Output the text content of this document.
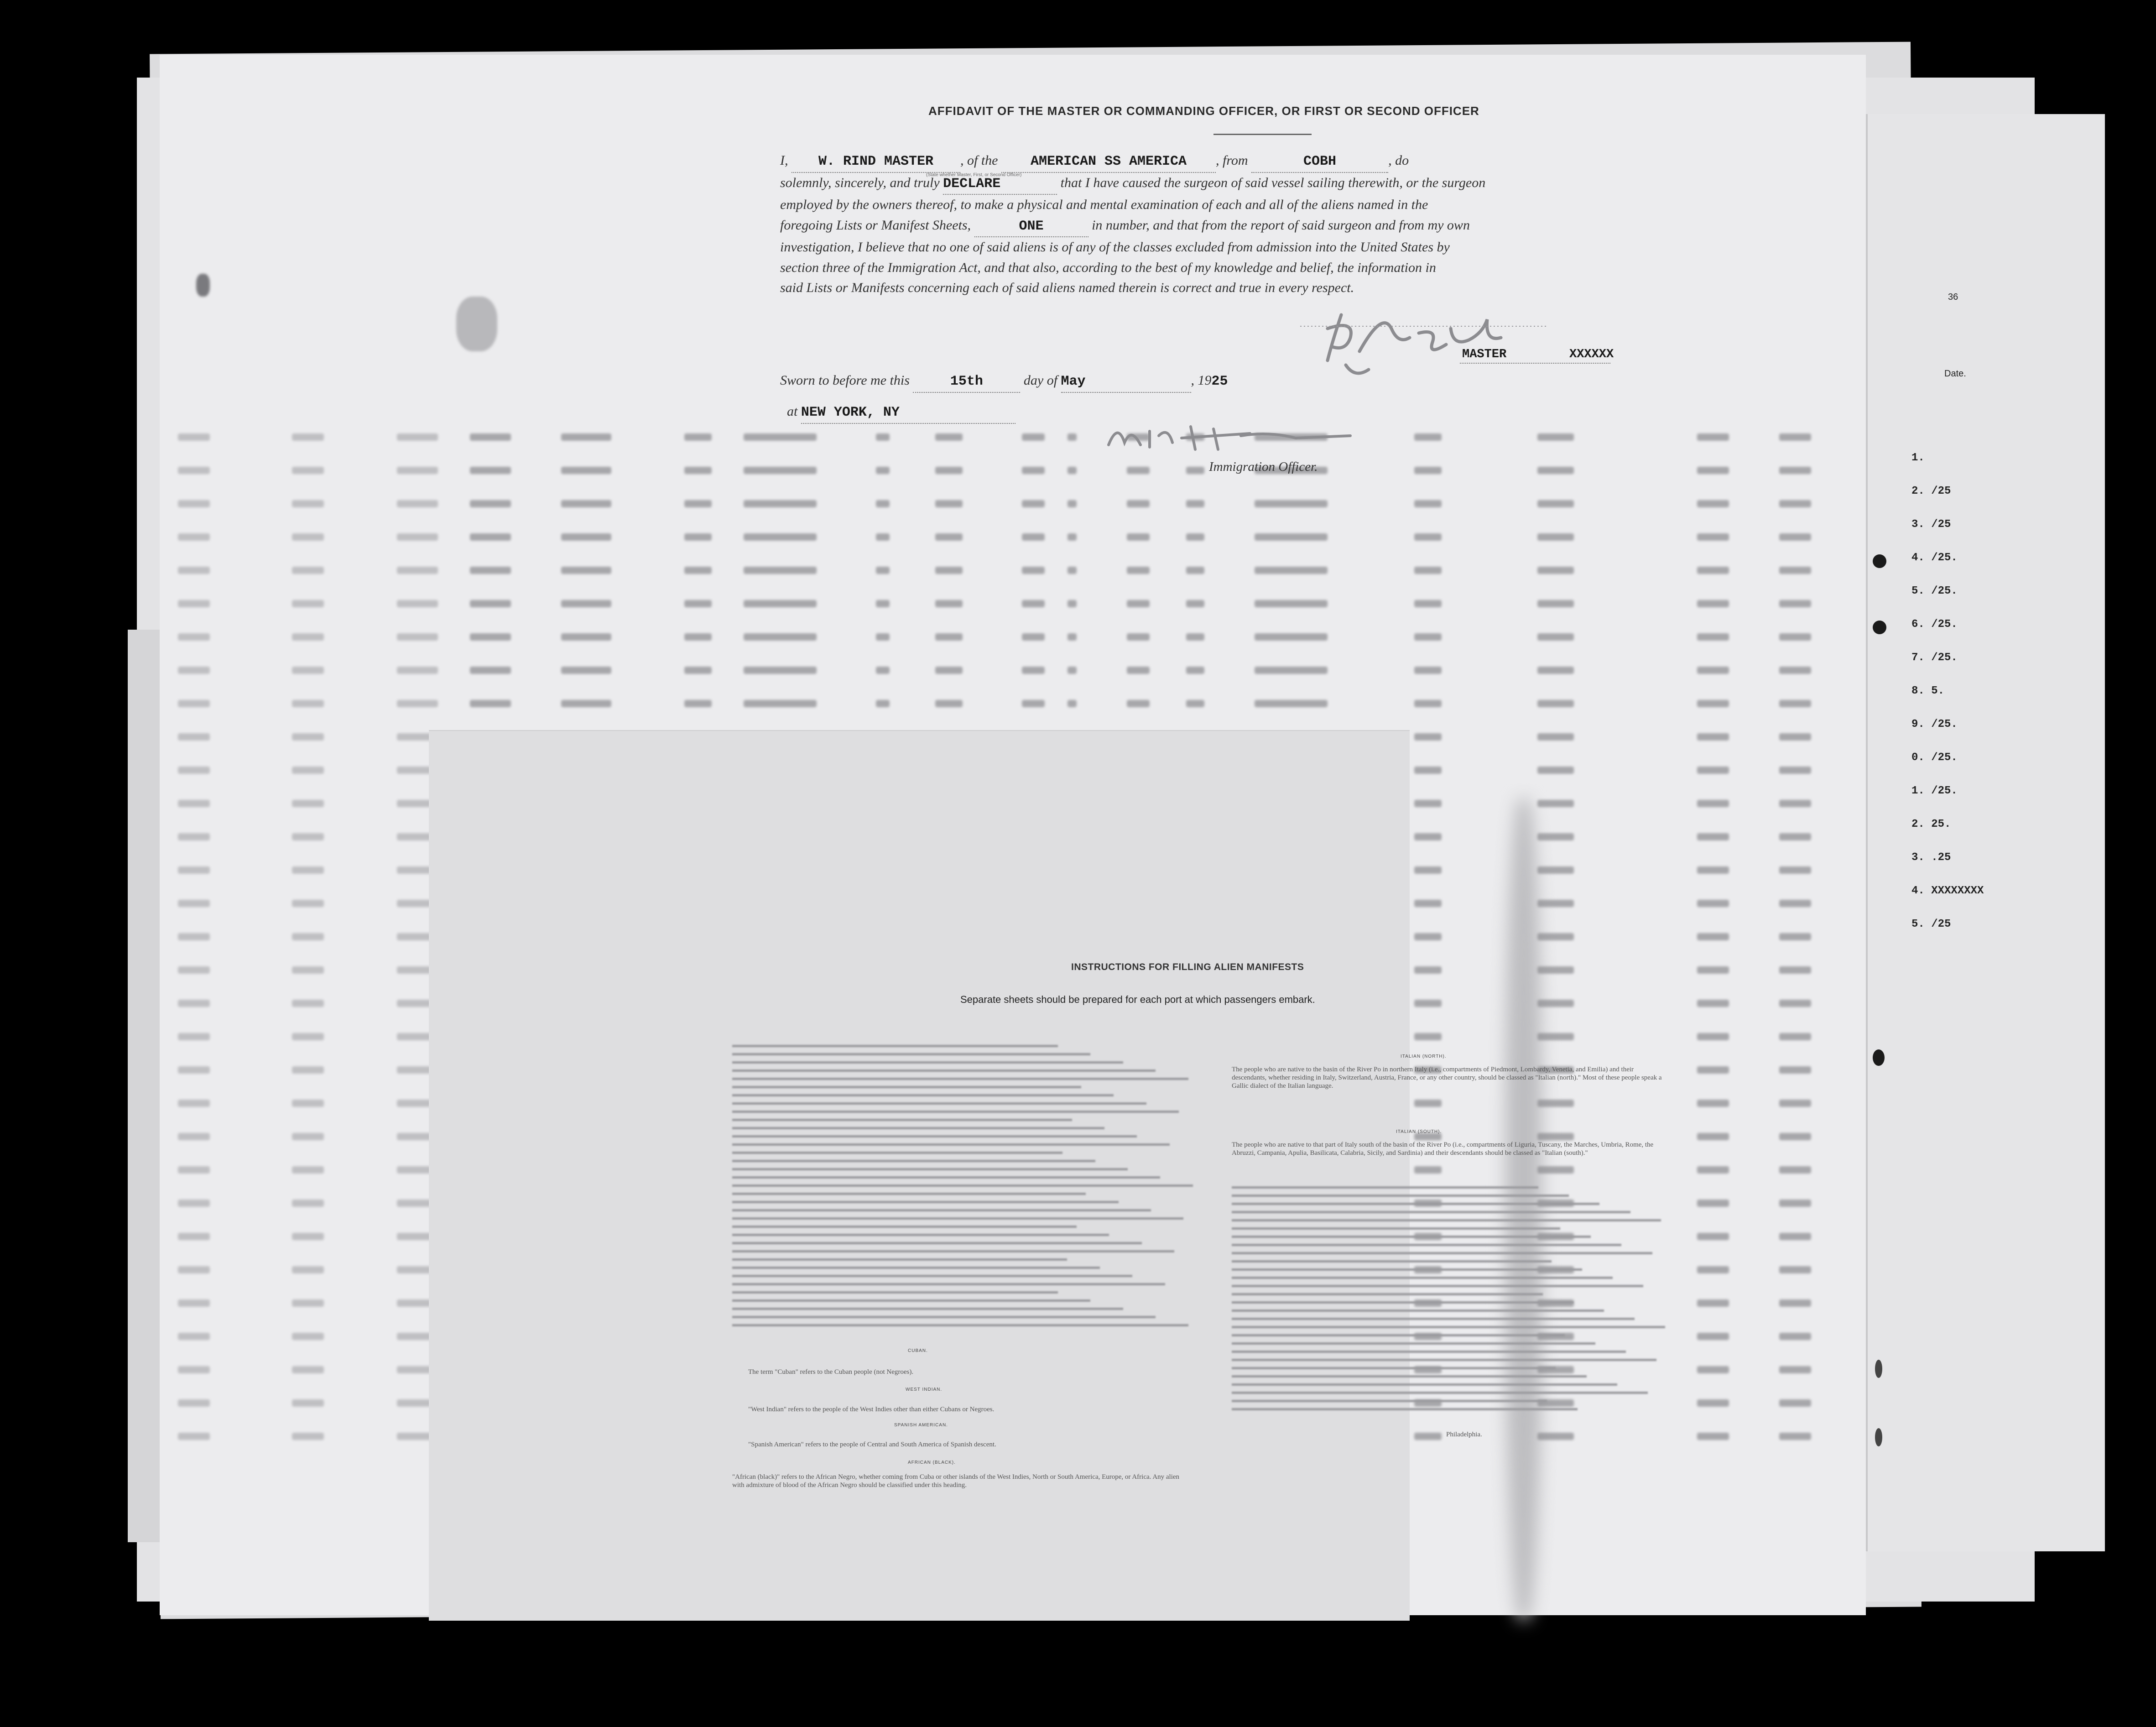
36
Date.
1.
2. /25
3. /25
4. /25.
5. /25.
6. /25.
7. /25.
8. 5.
9. /25.
0. /25.
1. /25.
2. 25.
3. .25
4. XXXXXXXX
5. /25
AFFIDAVIT OF THE MASTER OR COMMANDING OFFICER, OR FIRST OR SECOND OFFICER
I, W. RIND MASTER , of the AMERICAN SS AMERICA , from	COBH	, do
(State whether Master, First, or Second Officer)
solemnly, sincerely, and truly DECLARE	that I have caused the surgeon of said vessel sailing therewith, or the surgeon
employed by the owners thereof, to make a physical and mental examination of each and all of the aliens named in the
foregoing Lists or Manifest Sheets,	ONE	in number, and that from the report of said surgeon and from my own
investigation, I believe that no one of said aliens is of any of the classes excluded from admission into the United States by
section three of the Immigration Act, and that also, according to the best of my knowledge and belief, the information in
said Lists or Manifests concerning each of said aliens named therein is correct and true in every respect.
MASTER	XXXXXX
Sworn to before me this	15th	day of May	, 1925
at NEW YORK, NY
Immigration Officer.
INSTRUCTIONS FOR FILLING ALIEN MANIFESTS
Separate sheets should be prepared for each port at which passengers embark.
CUBAN.
The term "Cuban" refers to the Cuban people (not Negroes).
WEST INDIAN.
"West Indian" refers to the people of the West Indies other than either Cubans or Negroes.
SPANISH AMERICAN.
"Spanish American" refers to the people of Central and South America of Spanish descent.
AFRICAN (BLACK).
"African (black)" refers to the African Negro, whether coming from Cuba or other islands of the West Indies, North or South America, Europe, or Africa. Any alien with admixture of blood of the African Negro should be classified under this heading.
ITALIAN (NORTH).
The people who are native to the basin of the River Po in northern Italy (i.e., compartments of Piedmont, Lombardy, Venetia, and Emilia) and their descendants, whether residing in Italy, Switzerland, Austria, France, or any other country, should be classed as "Italian (north)." Most of these people speak a Gallic dialect of the Italian language.
ITALIAN (SOUTH).
The people who are native to that part of Italy south of the basin of the River Po (i.e., compartments of Liguria, Tuscany, the Marches, Umbria, Rome, the Abruzzi, Campania, Apulia, Basilicata, Calabria, Sicily, and Sardinia) and their descendants should be classed as "Italian (south)."
Philadelphia.
